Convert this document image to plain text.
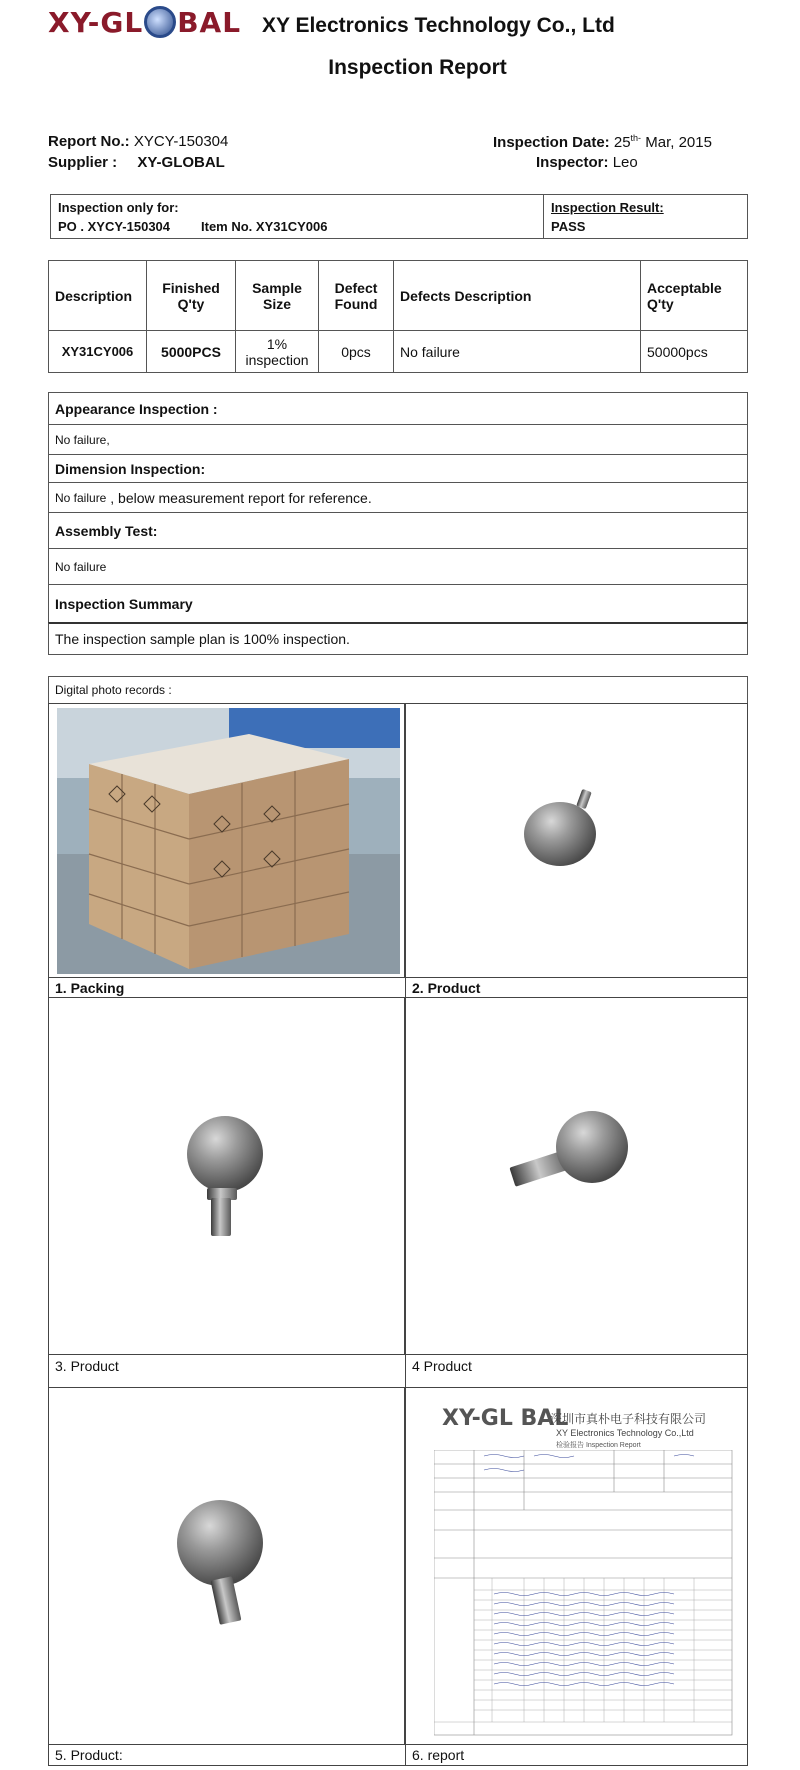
XY-GL BAL XY Electronics Technology Co., Ltd
Inspection Report
Report No.: XYCY-150304
Supplier : XY-GLOBAL
Inspection Date: $25^{th-}$ Mar, 2015
Inspector: Leo
Inspection only for:
PO . XYCY-150304 Item No. XY31CY006
Inspection Result:
PASS
Description	Finished Q'ty	Sample Size	Defect Found	Defects Description	Acceptable Q'ty
XY31CY006	5000PCS	1% inspection	0pcs	No failure	50000pcs
Appearance Inspection :
No failure,
Dimension Inspection:
No failure
, below measurement report for reference.
Assembly Test:
No failure
Inspection Summary
The inspection sample plan is 100% inspection.
Digital photo records :
1. Packing	2. Product
3. Product	4 Product
XY-GL BAL
深圳市真朴电子科技有限公司
XY Electronics Technology Co.,Ltd
检验报告 Inspection Report
5. Product:	6. report
